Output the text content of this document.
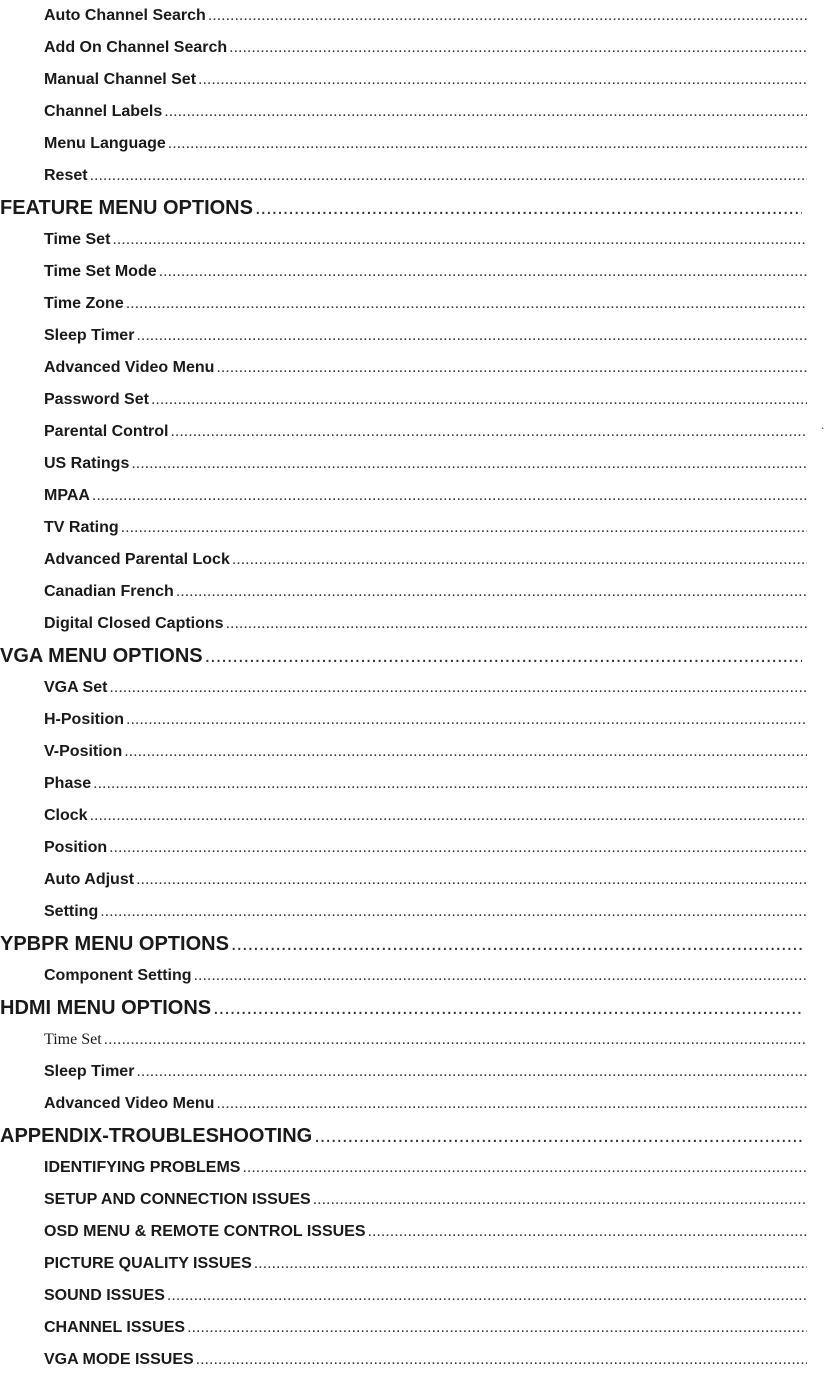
Auto Channel Search
.....
Add On Channel Search
.....
Manual Channel Set
.....
Channel Labels
.....
Menu Language
.....
Reset
.....
FEATURE MENU OPTIONS
.....
Time Set
.....
Time Set Mode
.....
Time Zone
.....
Sleep Timer
.....
Advanced Video Menu
.....
Password Set
.....
Parental Control
.....
US Ratings
.....
MPAA
.....
TV Rating
.....
Advanced Parental Lock
.....
Canadian French
.....
Digital Closed Captions
.....
VGA MENU OPTIONS
.....
VGA Set
.....
H-Position
.....
V-Position
.....
Phase
.....
Clock
.....
Position
.....
Auto Adjust
.....
Setting
.....
YPBPR MENU OPTIONS
.....
Component Setting
.....
HDMI MENU OPTIONS
.....
Time Set
.....
Sleep Timer
.....
Advanced Video Menu
.....
APPENDIX-TROUBLESHOOTING
.....
IDENTIFYING PROBLEMS
.....
SETUP AND CONNECTION ISSUES
.....
OSD MENU & REMOTE CONTROL ISSUES
.....
PICTURE QUALITY ISSUES
.....
SOUND ISSUES
.....
CHANNEL ISSUES
.....
VGA MODE ISSUES
.....
.
